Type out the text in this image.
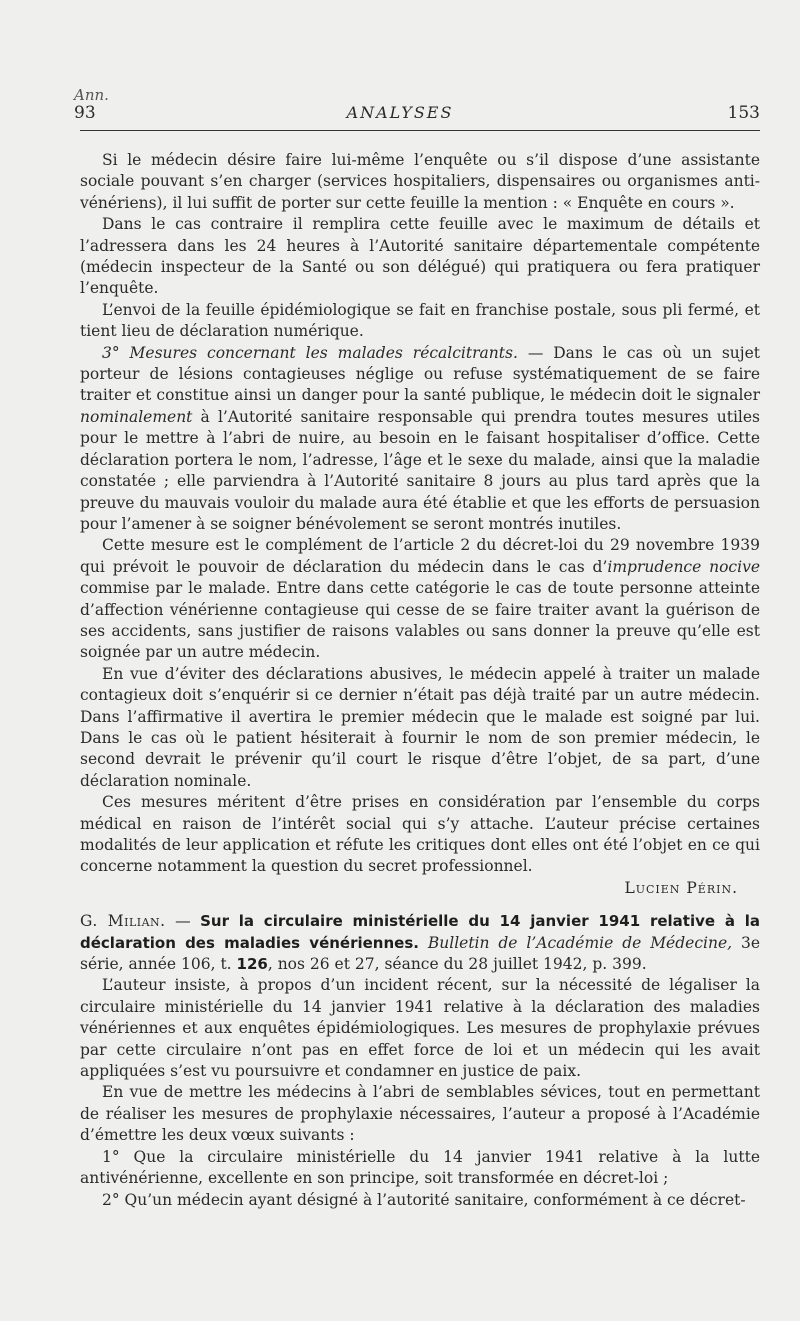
Ann.
93	ANALYSES	153

Si le médecin désire faire lui-même l’enquête ou s’il dispose d’une assistante sociale pouvant s’en charger (services hospitaliers, dispensaires ou organismes anti-vénériens), il lui suffit de porter sur cette feuille la mention : « Enquête en cours ».

Dans le cas contraire il remplira cette feuille avec le maximum de détails et l’adressera dans les 24 heures à l’Autorité sanitaire départementale compétente (médecin inspecteur de la Santé ou son délégué) qui pratiquera ou fera pratiquer l’enquête.

L’envoi de la feuille épidémiologique se fait en franchise postale, sous pli fermé, et tient lieu de déclaration numérique.

3° Mesures concernant les malades récalcitrants. — Dans le cas où un sujet porteur de lésions contagieuses néglige ou refuse systématiquement de se faire traiter et constitue ainsi un danger pour la santé publique, le médecin doit le signaler nominalement à l’Autorité sanitaire responsable qui prendra toutes mesures utiles pour le mettre à l’abri de nuire, au besoin en le faisant hospitaliser d’office. Cette déclaration portera le nom, l’adresse, l’âge et le sexe du malade, ainsi que la maladie constatée ; elle parviendra à l’Autorité sanitaire 8 jours au plus tard après que la preuve du mauvais vouloir du malade aura été établie et que les efforts de persuasion pour l’amener à se soigner bénévolement se seront montrés inutiles.

Cette mesure est le complément de l’article 2 du décret-loi du 29 novembre 1939 qui prévoit le pouvoir de déclaration du médecin dans le cas d’imprudence nocive commise par le malade. Entre dans cette catégorie le cas de toute personne atteinte d’affection vénérienne contagieuse qui cesse de se faire traiter avant la guérison de ses accidents, sans justifier de raisons valables ou sans donner la preuve qu’elle est soignée par un autre médecin.

En vue d’éviter des déclarations abusives, le médecin appelé à traiter un malade contagieux doit s’enquérir si ce dernier n’était pas déjà traité par un autre médecin. Dans l’affirmative il avertira le premier médecin que le malade est soigné par lui. Dans le cas où le patient hésiterait à fournir le nom de son premier médecin, le second devrait le prévenir qu’il court le risque d’être l’objet, de sa part, d’une déclaration nominale.

Ces mesures méritent d’être prises en considération par l’ensemble du corps médical en raison de l’intérêt social qui s’y attache. L’auteur précise certaines modalités de leur application et réfute les critiques dont elles ont été l’objet en ce qui concerne notamment la question du secret professionnel.

Lucien Périn.

G. Milian. — Sur la circulaire ministérielle du 14 janvier 1941 relative à la déclaration des maladies vénériennes. Bulletin de l’Académie de Médecine, 3e série, année 106, t. 126, nos 26 et 27, séance du 28 juillet 1942, p. 399.

L’auteur insiste, à propos d’un incident récent, sur la nécessité de légaliser la circulaire ministérielle du 14 janvier 1941 relative à la déclaration des maladies vénériennes et aux enquêtes épidémiologiques. Les mesures de prophylaxie prévues par cette circulaire n’ont pas en effet force de loi et un médecin qui les avait appliquées s’est vu poursuivre et condamner en justice de paix.

En vue de mettre les médecins à l’abri de semblables sévices, tout en permettant de réaliser les mesures de prophylaxie nécessaires, l’auteur a proposé à l’Académie d’émettre les deux vœux suivants :

1° Que la circulaire ministérielle du 14 janvier 1941 relative à la lutte antivénérienne, excellente en son principe, soit transformée en décret-loi ;

2° Qu’un médecin ayant désigné à l’autorité sanitaire, conformément à ce décret-
